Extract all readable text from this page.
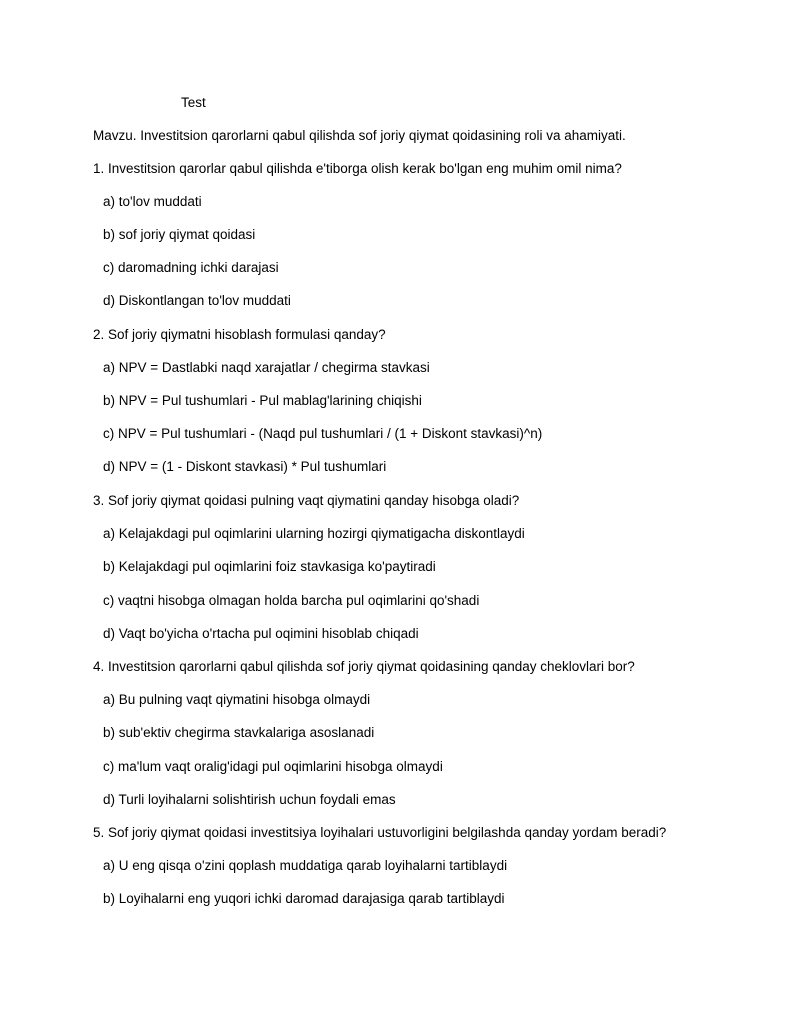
Test
Mavzu. Investitsion qarorlarni qabul qilishda sof joriy qiymat qoidasining roli va ahamiyati.
1. Investitsion qarorlar qabul qilishda e'tiborga olish kerak bo'lgan eng muhim omil nima?
a) to'lov muddati
b) sof joriy qiymat qoidasi
c) daromadning ichki darajasi
d) Diskontlangan to'lov muddati
2. Sof joriy qiymatni hisoblash formulasi qanday?
a) NPV = Dastlabki naqd xarajatlar / chegirma stavkasi
b) NPV = Pul tushumlari - Pul mablag'larining chiqishi
c) NPV = Pul tushumlari - (Naqd pul tushumlari / (1 + Diskont stavkasi)^n)
d) NPV = (1 - Diskont stavkasi) * Pul tushumlari
3. Sof joriy qiymat qoidasi pulning vaqt qiymatini qanday hisobga oladi?
a) Kelajakdagi pul oqimlarini ularning hozirgi qiymatigacha diskontlaydi
b) Kelajakdagi pul oqimlarini foiz stavkasiga ko'paytiradi
c) vaqtni hisobga olmagan holda barcha pul oqimlarini qo'shadi
d) Vaqt bo'yicha o'rtacha pul oqimini hisoblab chiqadi
4. Investitsion qarorlarni qabul qilishda sof joriy qiymat qoidasining qanday cheklovlari bor?
a) Bu pulning vaqt qiymatini hisobga olmaydi
b) sub'ektiv chegirma stavkalariga asoslanadi
c) ma'lum vaqt oralig'idagi pul oqimlarini hisobga olmaydi
d) Turli loyihalarni solishtirish uchun foydali emas
5. Sof joriy qiymat qoidasi investitsiya loyihalari ustuvorligini belgilashda qanday yordam beradi?
a) U eng qisqa o'zini qoplash muddatiga qarab loyihalarni tartiblaydi
b) Loyihalarni eng yuqori ichki daromad darajasiga qarab tartiblaydi
